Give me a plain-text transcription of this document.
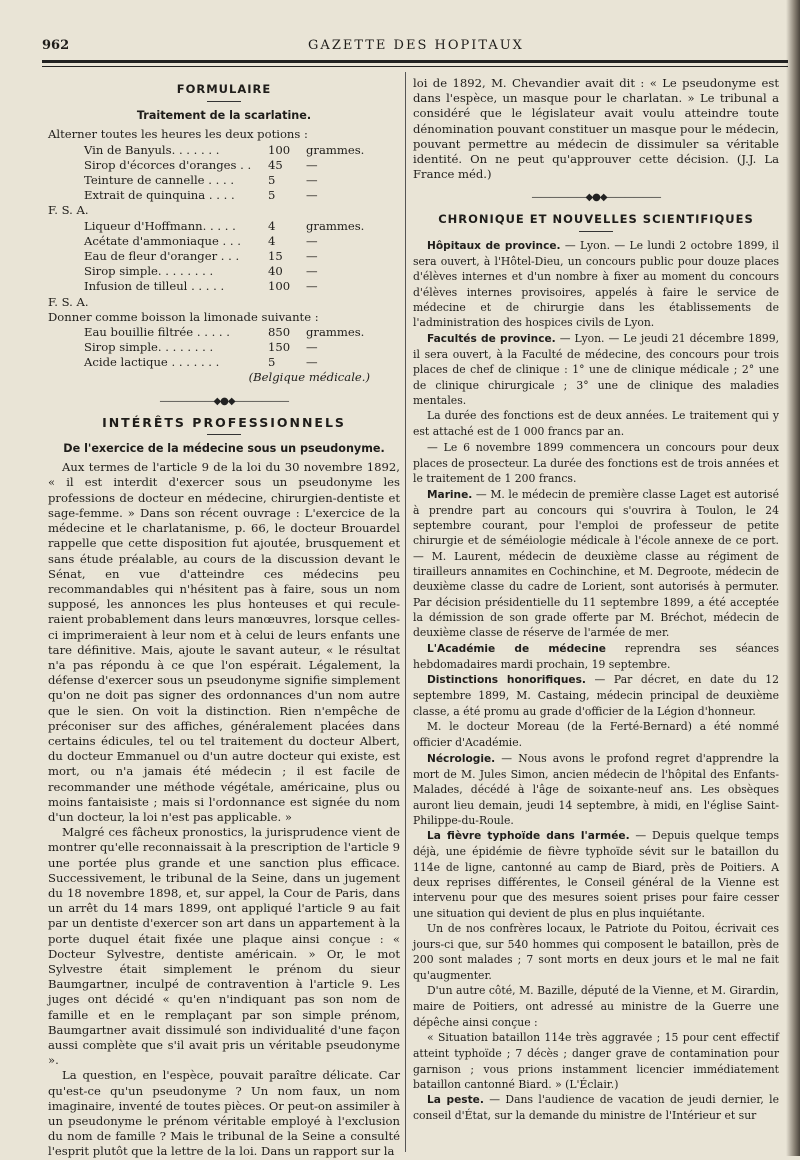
962	GAZETTE DES HOPITAUX
FORMULAIRE
Traitement de la scarlatine.
Alterner toutes les heures les deux potions :
Vin de Banyuls. . . . . . .	100 grammes.
Sirop d'écorces d'oranges . . 45 —
Teinture de cannelle . . . .	5	—
Extrait de quinquina . . . .	5	—
F. S. A.
Liqueur d'Hoffmann. . . . .	4	grammes.
Acétate d'ammoniaque . . . 4	—
Eau de fleur d'oranger . . . 15 —
Sirop simple. . . . . . . .	40 —
Infusion de tilleul . . . . .	100 —
F. S. A.
Donner comme boisson la limonade suivante :
Eau bouillie filtrée . . . . .	850 grammes.
Sirop simple. . . . . . . .	150 —
Acide lactique . . . . . . .	5	—
(Belgique médicale.)
——————◆●◆——————
INTÉRÊTS PROFESSIONNELS
De l'exercice de la médecine sous un pseudonyme.

Aux termes de l'article 9 de la loi du 30 novembre 1892, « il est interdit d'exercer sous un pseudonyme les professions de docteur en médecine, chirurgien-dentiste et sage-femme. » Dans son récent ouvrage : L'exercice de la médecine et le charlatanisme, p. 66, le docteur Brouardel rappelle que cette disposition fut ajoutée, brusquement et sans étude préalable, au cours de la discussion devant le Sénat, en vue d'atteindre ces médecins peu recommandables qui n'hésitent pas à faire, sous un nom supposé, les annonces les plus honteuses et qui reculeraient probablement dans leurs manœuvres, lorsque celles-ci imprimeraient à leur nom et à celui de leurs enfants une tare définitive. Mais, ajoute le savant auteur, « le résultat n'a pas répondu à ce que l'on espérait. Légalement, la défense d'exercer sous un pseudonyme signifie simplement qu'on ne doit pas signer des ordonnances d'un nom autre que le sien. On voit la distinction. Rien n'empêche de préconiser sur des affiches, généralement placées dans certains édicules, tel ou tel traitement du docteur Albert, du docteur Emmanuel ou d'un autre docteur qui existe, est mort, ou n'a jamais été médecin ; il est facile de recommander une méthode végétale, américaine, plus ou moins fantaisiste ; mais si l'ordonnance est signée du nom d'un docteur, la loi n'est pas applicable. »

Malgré ces fâcheux pronostics, la jurisprudence vient de montrer qu'elle reconnaissait à la prescription de l'article 9 une portée plus grande et une sanction plus efficace. Successivement, le tribunal de la Seine, dans un jugement du 18 novembre 1898, et, sur appel, la Cour de Paris, dans un arrêt du 14 mars 1899, ont appliqué l'article 9 au fait par un dentiste d'exercer son art dans un appartement à la porte duquel était fixée une plaque ainsi conçue : « Docteur Sylvestre, dentiste américain. » Or, le mot Sylvestre était simplement le prénom du sieur Baumgartner, inculpé de contravention à l'article 9. Les juges ont décidé « qu'en n'indiquant pas son nom de famille et en le remplaçant par son simple prénom, Baumgartner avait dissimulé son individualité d'une façon aussi complète que s'il avait pris un véritable pseudonyme ».

La question, en l'espèce, pouvait paraître délicate. Car qu'est-ce qu'un pseudonyme ? Un nom faux, un nom imaginaire, inventé de toutes pièces. Or peut-on assimiler à un pseudonyme le prénom véritable employé à l'exclusion du nom de famille ? Mais le tribunal de la Seine a consulté l'esprit plutôt que la lettre de la loi. Dans un rapport sur la

loi de 1892, M. Chevandier avait dit : « Le pseudonyme est dans l'espèce, un masque pour le charlatan. » Le tribunal a considéré que le législateur avait voulu atteindre toute dénomination pouvant constituer un masque pour le médecin, pouvant permettre au médecin de dissimuler sa véritable identité. On ne peut qu'approuver cette décision. (J.J. La France méd.)

——————◆●◆——————
CHRONIQUE ET NOUVELLES SCIENTIFIQUES

Hôpitaux de province. — Lyon. — Le lundi 2 octobre 1899, il sera ouvert, à l'Hôtel-Dieu, un concours public pour douze places d'élèves internes et d'un nombre à fixer au moment du concours d'élèves internes provisoires, appelés à faire le service de médecine et de chirurgie dans les établissements de l'administration des hospices civils de Lyon.

Facultés de province. — Lyon. — Le jeudi 21 décembre 1899, il sera ouvert, à la Faculté de médecine, des concours pour trois places de chef de clinique : 1° une de clinique médicale ; 2° une de clinique chirurgicale ; 3° une de clinique des maladies mentales.

La durée des fonctions est de deux années. Le traitement qui y est attaché est de 1 000 francs par an.

— Le 6 novembre 1899 commencera un concours pour deux places de prosecteur. La durée des fonctions est de trois années et le traitement de 1 200 francs.

Marine. — M. le médecin de première classe Laget est autorisé à prendre part au concours qui s'ouvrira à Toulon, le 24 septembre courant, pour l'emploi de professeur de petite chirurgie et de séméiologie médicale à l'école annexe de ce port. — M. Laurent, médecin de deuxième classe au régiment de tirailleurs annamites en Cochinchine, et M. Degroote, médecin de deuxième classe du cadre de Lorient, sont autorisés à permuter. Par décision présidentielle du 11 septembre 1899, a été acceptée la démission de son grade offerte par M. Bréchot, médecin de deuxième classe de réserve de l'armée de mer.

L'Académie de médecine reprendra ses séances hebdomadaires mardi prochain, 19 septembre.

Distinctions honorifiques. — Par décret, en date du 12 septembre 1899, M. Castaing, médecin principal de deuxième classe, a été promu au grade d'officier de la Légion d'honneur.

M. le docteur Moreau (de la Ferté-Bernard) a été nommé officier d'Académie.

Nécrologie. — Nous avons le profond regret d'apprendre la mort de M. Jules Simon, ancien médecin de l'hôpital des Enfants-Malades, décédé à l'âge de soixante-neuf ans. Les obsèques auront lieu demain, jeudi 14 septembre, à midi, en l'église Saint-Philippe-du-Roule.

La fièvre typhoïde dans l'armée. — Depuis quelque temps déjà, une épidémie de fièvre typhoïde sévit sur le bataillon du 114e de ligne, cantonné au camp de Biard, près de Poitiers. A deux reprises différentes, le Conseil général de la Vienne est intervenu pour que des mesures soient prises pour faire cesser une situation qui devient de plus en plus inquiétante.

Un de nos confrères locaux, le Patriote du Poitou, écrivait ces jours-ci que, sur 540 hommes qui composent le bataillon, près de 200 sont malades ; 7 sont morts en deux jours et le mal ne fait qu'augmenter.

D'un autre côté, M. Bazille, député de la Vienne, et M. Girardin, maire de Poitiers, ont adressé au ministre de la Guerre une dépêche ainsi conçue :

« Situation bataillon 114e très aggravée ; 15 pour cent effectif atteint typhoïde ; 7 décès ; danger grave de contamination pour garnison ; vous prions instamment licencier immédiatement bataillon cantonné Biard. » (L'Éclair.)

La peste. — Dans l'audience de vacation de jeudi dernier, le conseil d'État, sur la demande du ministre de l'Intérieur et sur
